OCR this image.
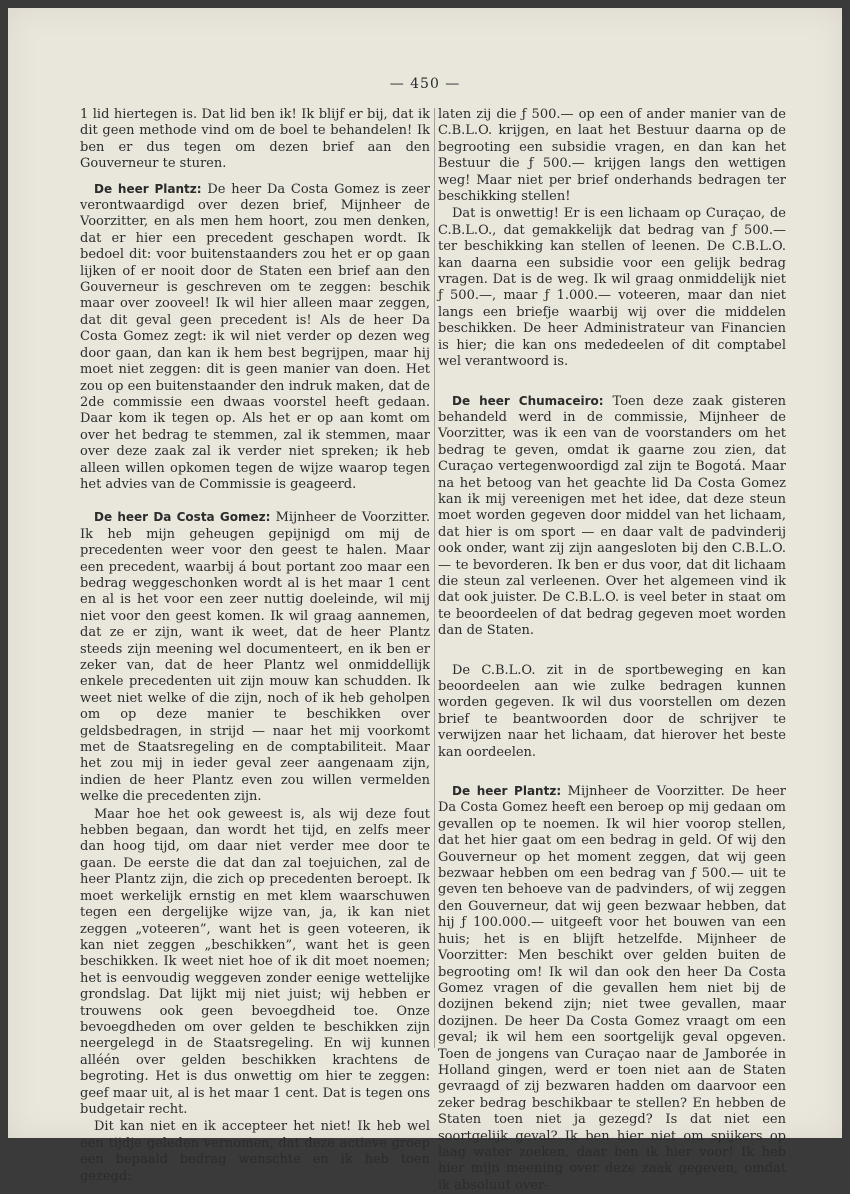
— 450 —

1 lid hiertegen is. Dat lid ben ik! Ik blijf er bij, dat ik dit geen methode vind om de boel te behandelen! Ik ben er dus tegen om dezen brief aan den Gouverneur te sturen.

De heer Plantz: De heer Da Costa Gomez is zeer verontwaardigd over dezen brief, Mijnheer de Voorzitter, en als men hem hoort, zou men denken, dat er hier een precedent geschapen wordt. Ik bedoel dit: voor buitenstaanders zou het er op gaan lijken of er nooit door de Staten een brief aan den Gouverneur is geschreven om te zeggen: beschik maar over zooveel! Ik wil hier alleen maar zeggen, dat dit geval geen precedent is! Als de heer Da Costa Gomez zegt: ik wil niet verder op dezen weg door gaan, dan kan ik hem best begrijpen, maar hij moet niet zeggen: dit is geen manier van doen. Het zou op een buitenstaander den indruk maken, dat de 2de commissie een dwaas voorstel heeft gedaan. Daar kom ik tegen op. Als het er op aan komt om over het bedrag te stemmen, zal ik stemmen, maar over deze zaak zal ik verder niet spreken; ik heb alleen willen opkomen tegen de wijze waarop tegen het advies van de Commissie is geageerd.

De heer Da Costa Gomez: Mijnheer de Voorzitter. Ik heb mijn geheugen gepijnigd om mij de precedenten weer voor den geest te halen. Maar een precedent, waarbij á bout portant zoo maar een bedrag weggeschonken wordt al is het maar 1 cent en al is het voor een zeer nuttig doeleinde, wil mij niet voor den geest komen. Ik wil graag aannemen, dat ze er zijn, want ik weet, dat de heer Plantz steeds zijn meening wel documenteert, en ik ben er zeker van, dat de heer Plantz wel onmiddellijk enkele precedenten uit zijn mouw kan schudden. Ik weet niet welke of die zijn, noch of ik heb geholpen om op deze manier te beschikken over geldsbedragen, in strijd — naar het mij voorkomt met de Staatsregeling en de comptabiliteit. Maar het zou mij in ieder geval zeer aangenaam zijn, indien de heer Plantz even zou willen vermelden welke die precedenten zijn.

Maar hoe het ook geweest is, als wij deze fout hebben begaan, dan wordt het tijd, en zelfs meer dan hoog tijd, om daar niet verder mee door te gaan. De eerste die dat dan zal toejuichen, zal de heer Plantz zijn, die zich op precedenten beroept. Ik moet werkelijk ernstig en met klem waarschuwen tegen een dergelijke wijze van, ja, ik kan niet zeggen „voteeren”, want het is geen voteeren, ik kan niet zeggen „beschikken”, want het is geen beschikken. Ik weet niet hoe of ik dit moet noemen; het is eenvoudig weggeven zonder eenige wettelijke grondslag. Dat lijkt mij niet juist; wij hebben er trouwens ook geen bevoegdheid toe. Onze bevoegdheden om over gelden te beschikken zijn neergelegd in de Staatsregeling. En wij kunnen alléén over gelden beschikken krachtens de begroting. Het is dus onwettig om hier te zeggen: geef maar uit, al is het maar 1 cent. Dat is tegen ons budgetair recht.

Dit kan niet en ik accepteer het niet! Ik heb wel een tijdje geleden vernomen, dat deze actieve groep een bepaald bedrag wenschte en ik heb toen gezegd:

laten zij die ƒ 500.— op een of ander manier van de C.B.L.O. krijgen, en laat het Bestuur daarna op de begrooting een subsidie vragen, en dan kan het Bestuur die ƒ 500.— krijgen langs den wettigen weg! Maar niet per brief onderhands bedragen ter beschikking stellen!

Dat is onwettig! Er is een lichaam op Curaçao, de C.B.L.O., dat gemakkelijk dat bedrag van ƒ 500.— ter beschikking kan stellen of leenen. De C.B.L.O. kan daarna een subsidie voor een gelijk bedrag vragen. Dat is de weg. Ik wil graag onmiddelijk niet ƒ 500.—, maar ƒ 1.000.— voteeren, maar dan niet langs een briefje waarbij wij over die middelen beschikken. De heer Administrateur van Financien is hier; die kan ons mededeelen of dit comptabel wel verantwoord is.

De heer Chumaceiro: Toen deze zaak gisteren behandeld werd in de commissie, Mijnheer de Voorzitter, was ik een van de voorstanders om het bedrag te geven, omdat ik gaarne zou zien, dat Curaçao vertegenwoordigd zal zijn te Bogotá. Maar na het betoog van het geachte lid Da Costa Gomez kan ik mij vereenigen met het idee, dat deze steun moet worden gegeven door middel van het lichaam, dat hier is om sport — en daar valt de padvinderij ook onder, want zij zijn aangesloten bij den C.B.L.O. — te bevorderen. Ik ben er dus voor, dat dit lichaam die steun zal verleenen. Over het algemeen vind ik dat ook juister. De C.B.L.O. is veel beter in staat om te beoordeelen of dat bedrag gegeven moet worden dan de Staten.

De C.B.L.O. zit in de sportbeweging en kan beoordeelen aan wie zulke bedragen kunnen worden gegeven. Ik wil dus voorstellen om dezen brief te beantwoorden door de schrijver te verwijzen naar het lichaam, dat hierover het beste kan oordeelen.

De heer Plantz: Mijnheer de Voorzitter. De heer Da Costa Gomez heeft een beroep op mij gedaan om gevallen op te noemen. Ik wil hier voorop stellen, dat het hier gaat om een bedrag in geld. Of wij den Gouverneur op het moment zeggen, dat wij geen bezwaar hebben om een bedrag van ƒ 500.— uit te geven ten behoeve van de padvinders, of wij zeggen den Gouverneur, dat wij geen bezwaar hebben, dat hij ƒ 100.000.— uitgeeft voor het bouwen van een huis; het is en blijft hetzelfde. Mijnheer de Voorzitter: Men beschikt over gelden buiten de begrooting om! Ik wil dan ook den heer Da Costa Gomez vragen of die gevallen hem niet bij de dozijnen bekend zijn; niet twee gevallen, maar dozijnen. De heer Da Costa Gomez vraagt om een geval; ik wil hem een soortgelijk geval opgeven. Toen de jongens van Curaçao naar de Jamborée in Holland gingen, werd er toen niet aan de Staten gevraagd of zij bezwaren hadden om daarvoor een zeker bedrag beschikbaar te stellen? En hebben de Staten toen niet ja gezegd? Is dat niet een soortgelijk geval? Ik ben hier niet om spijkers op laag water zoeken, daar ben ik hier voor! Ik heb hier mijn meening over deze zaak gegeven, omdat ik absoluut over-
